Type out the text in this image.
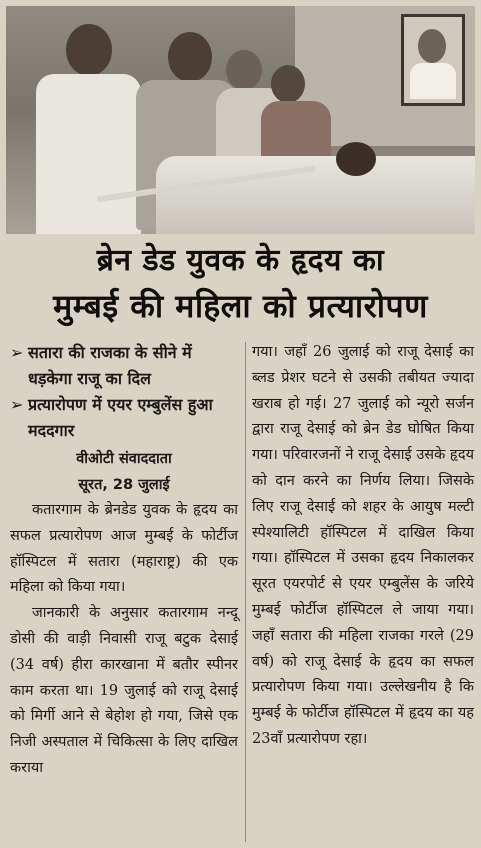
ब्रेन डेड युवक के हृदय का
मुम्बई की महिला को प्रत्यारोपण
➢ सतारा की राजका के सीने में धड़केगा राजू का दिल
➢ प्रत्यारोपण में एयर एम्बुलेंस हुआ मददगार
वीओटी संवाददाता
सूरत, 28 जुलाई

कतारगाम के ब्रेनडेड युवक के हृदय का सफल प्रत्यारोपण आज मुम्बई के फोर्टीज हॉस्पिटल में सतारा (महाराष्ट्र) की एक महिला को किया गया।

जानकारी के अनुसार कतारगाम नन्दू डोसी की वाड़ी निवासी राजू बटुक देसाई (34 वर्ष) हीरा कारखाना में बतौर स्पीनर काम करता था। 19 जुलाई को राजू देसाई को मिर्गी आने से बेहोश हो गया, जिसे एक निजी अस्पताल में चिकित्सा के लिए दाखिल कराया

गया। जहाँ 26 जुलाई को राजू देसाई का ब्लड प्रेशर घटने से उसकी तबीयत ज्यादा खराब हो गई। 27 जुलाई को न्यूरो सर्जन द्वारा राजू देसाई को ब्रेन डेड घोषित किया गया। परिवारजनों ने राजू देसाई उसके हृदय को दान करने का निर्णय लिया। जिसके लिए राजू देसाई को शहर के आयुष मल्टी स्पेश्यालिटी हॉस्पिटल में दाखिल किया गया। हॉस्पिटल में उसका हृदय निकालकर सूरत एयरपोर्ट से एयर एम्बुलेंस के जरिये मुम्बई फोर्टीज हॉस्पिटल ले जाया गया। जहाँ सतारा की महिला राजका गरले (29 वर्ष) को राजू देसाई के हृदय का सफल प्रत्यारोपण किया गया। उल्लेखनीय है कि मुम्बई के फोर्टीज हॉस्पिटल में हृदय का यह 23वाँ प्रत्यारोपण रहा।
